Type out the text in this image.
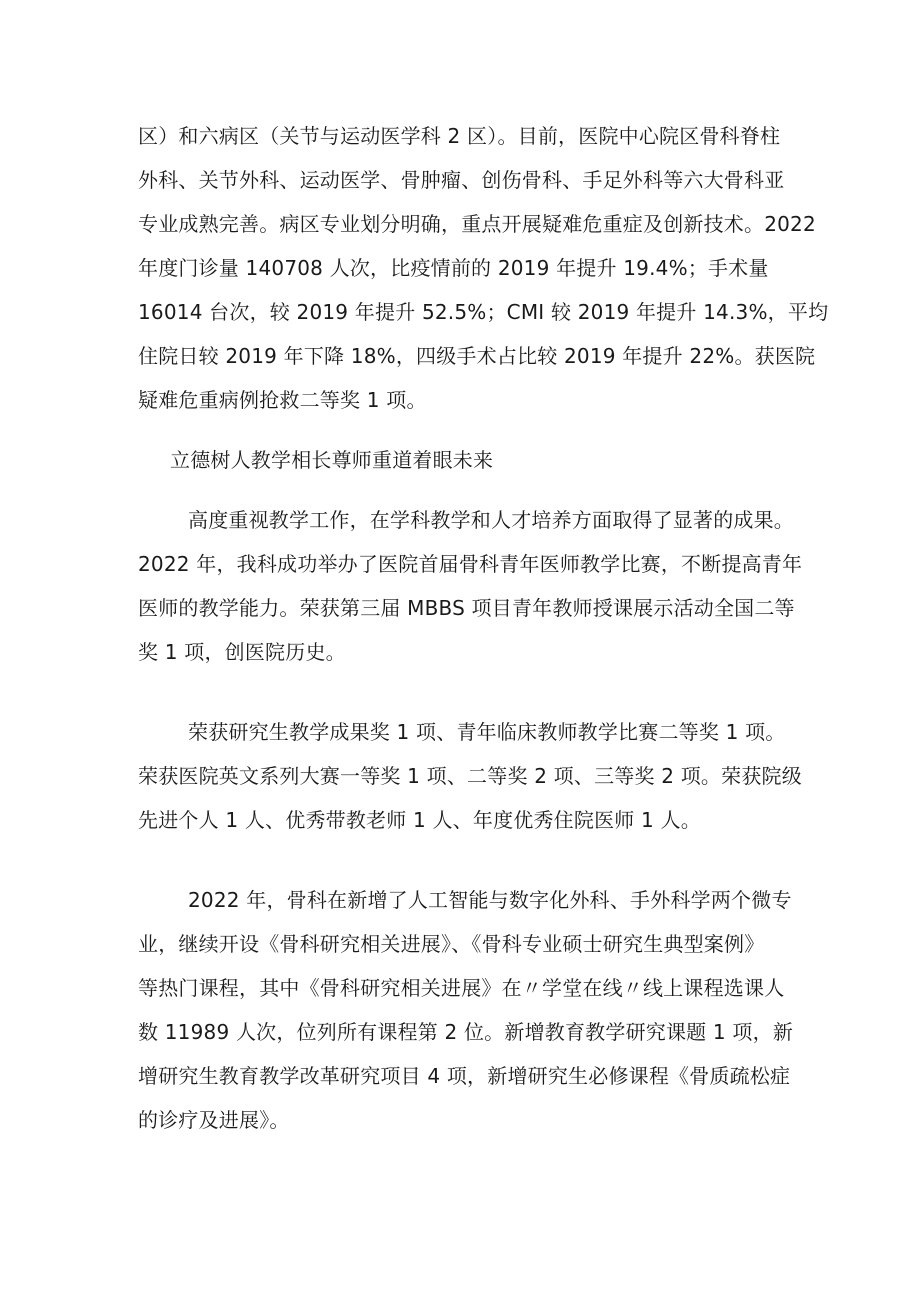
区）和六病区（关节与运动医学科 2 区）。目前，医院中心院区骨科脊柱
外科、关节外科、运动医学、骨肿瘤、创伤骨科、手足外科等六大骨科亚
专业成熟完善。病区专业划分明确，重点开展疑难危重症及创新技术。2022
年度门诊量 140708 人次，比疫情前的 2019 年提升 19.4%；手术量
16014 台次，较 2019 年提升 52.5%；CMI 较 2019 年提升 14.3%，平均
住院日较 2019 年下降 18%，四级手术占比较 2019 年提升 22%。获医院
疑难危重病例抢救二等奖 1 项。
立德树人教学相长尊师重道着眼未来
高度重视教学工作，在学科教学和人才培养方面取得了显著的成果。
2022 年，我科成功举办了医院首届骨科青年医师教学比赛，不断提高青年
医师的教学能力。荣获第三届 MBBS 项目青年教师授课展示活动全国二等
奖 1 项，创医院历史。
荣获研究生教学成果奖 1 项、青年临床教师教学比赛二等奖 1 项。
荣获医院英文系列大赛一等奖 1 项、二等奖 2 项、三等奖 2 项。荣获院级
先进个人 1 人、优秀带教老师 1 人、年度优秀住院医师 1 人。
2022 年，骨科在新增了人工智能与数字化外科、手外科学两个微专
业，继续开设《骨科研究相关进展》、《骨科专业硕士研究生典型案例》
等热门课程，其中《骨科研究相关进展》在〃学堂在线〃线上课程选课人
数 11989 人次，位列所有课程第 2 位。新增教育教学研究课题 1 项，新
增研究生教育教学改革研究项目 4 项，新增研究生必修课程《骨质疏松症
的诊疗及进展》。
